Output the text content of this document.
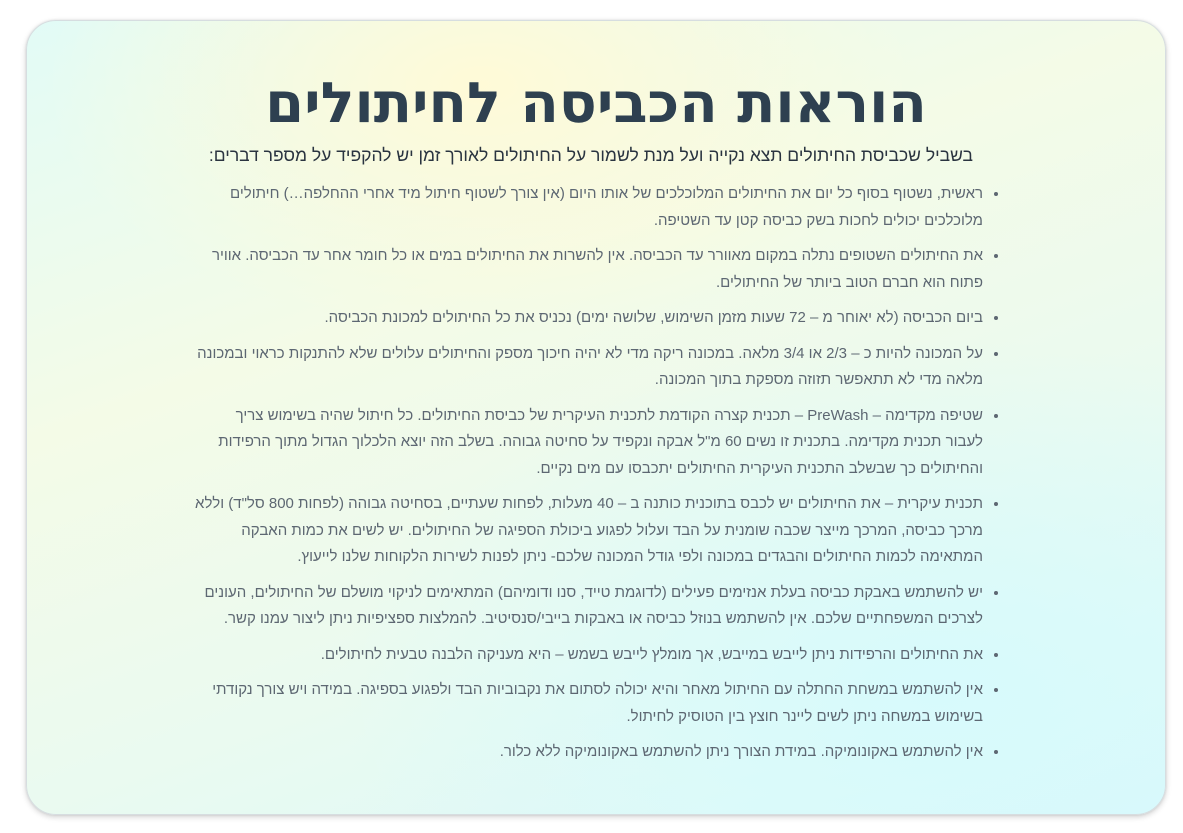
הוראות הכביסה לחיתולים

בשביל שכביסת החיתולים תצא נקייה ועל מנת לשמור על החיתולים לאורך זמן יש להקפיד על מספר דברים:

• ראשית, נשטוף בסוף כל יום את החיתולים המלוכלכים של אותו היום (אין צורך לשטוף חיתול מיד אחרי ההחלפה…) חיתולים מלוכלכים יכולים לחכות בשק כביסה קטן עד השטיפה.
• את החיתולים השטופים נתלה במקום מאוורר עד הכביסה. אין להשרות את החיתולים במים או כל חומר אחר עד הכביסה. אוויר פתוח הוא חברם הטוב ביותר של החיתולים.
• ביום הכביסה (לא יאוחר מ – 72 שעות מזמן השימוש, שלושה ימים) נכניס את כל החיתולים למכונת הכביסה.
• על המכונה להיות כ – 2/3 או 3/4 מלאה. במכונה ריקה מדי לא יהיה חיכוך מספק והחיתולים עלולים שלא להתנקות כראוי ובמכונה מלאה מדי לא תתאפשר תזוזה מספקת בתוך המכונה.
• שטיפה מקדימה – PreWash – תכנית קצרה הקודמת לתכנית העיקרית של כביסת החיתולים. כל חיתול שהיה בשימוש צריך לעבור תכנית מקדימה. בתכנית זו נשים 60 מ"ל אבקה ונקפיד על סחיטה גבוהה. בשלב הזה יוצא הלכלוך הגדול מתוך הרפידות והחיתולים כך שבשלב התכנית העיקרית החיתולים יתכבסו עם מים נקיים.
• תכנית עיקרית – את החיתולים יש לכבס בתוכנית כותנה ב – 40 מעלות, לפחות שעתיים, בסחיטה גבוהה (לפחות 800 סל"ד) וללא מרכך כביסה, המרכך מייצר שכבה שומנית על הבד ועלול לפגוע ביכולת הספיגה של החיתולים. יש לשים את כמות האבקה המתאימה לכמות החיתולים והבגדים במכונה ולפי גודל המכונה שלכם- ניתן לפנות לשירות הלקוחות שלנו לייעוץ.
• יש להשתמש באבקת כביסה בעלת אנזימים פעילים (לדוגמת טייד, סנו ודומיהם) המתאימים לניקוי מושלם של החיתולים, העונים לצרכים המשפחתיים שלכם. אין להשתמש בנוזל כביסה או באבקות בייבי/סנסיטיב. להמלצות ספציפיות ניתן ליצור עמנו קשר.
• את החיתולים והרפידות ניתן לייבש במייבש, אך מומלץ לייבש בשמש – היא מעניקה הלבנה טבעית לחיתולים.
• אין להשתמש במשחת החתלה עם החיתול מאחר והיא יכולה לסתום את נקבוביות הבד ולפגוע בספיגה. במידה ויש צורך נקודתי בשימוש במשחה ניתן לשים ליינר חוצץ בין הטוסיק לחיתול.
• אין להשתמש באקונומיקה. במידת הצורך ניתן להשתמש באקונומיקה ללא כלור.
